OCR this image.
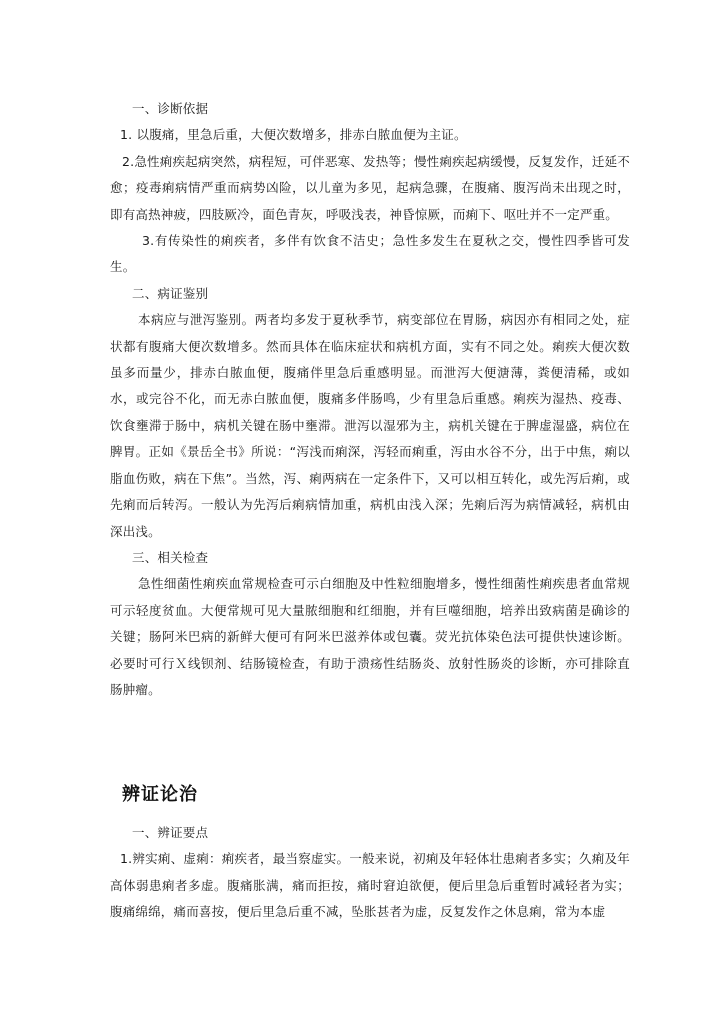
一、诊断依据

1. 以腹痛，里急后重，大便次数增多，排赤白脓血便为主证。

2.急性痢疾起病突然，病程短，可伴恶寒、发热等；慢性痢疾起病缓慢，反复发作，迁延不愈；疫毒痢病情严重而病势凶险，以儿童为多见，起病急骤，在腹痛、腹泻尚未出现之时，即有高热神疲，四肢厥冷，面色青灰，呼吸浅表，神昏惊厥，而痢下、呕吐并不一定严重。

3.有传染性的痢疾者，多伴有饮食不洁史；急性多发生在夏秋之交，慢性四季皆可发生。

二、病证鉴别

本病应与泄泻鉴别。两者均多发于夏秋季节，病变部位在胃肠，病因亦有相同之处，症状都有腹痛大便次数增多。然而具体在临床症状和病机方面，实有不同之处。痢疾大便次数虽多而量少，排赤白脓血便，腹痛伴里急后重感明显。而泄泻大便溏薄，粪便清稀，或如水，或完谷不化，而无赤白脓血便，腹痛多伴肠鸣，少有里急后重感。痢疾为湿热、疫毒、饮食壅滞于肠中，病机关键在肠中壅滞。泄泻以湿邪为主，病机关键在于脾虚湿盛，病位在脾胃。正如《景岳全书》所说：“泻浅而痢深，泻轻而痢重，泻由水谷不分，出于中焦，痢以脂血伤败，病在下焦”。当然，泻、痢两病在一定条件下，又可以相互转化，或先泻后痢，或先痢而后转泻。一般认为先泻后痢病情加重，病机由浅入深；先痢后泻为病情减轻，病机由深出浅。

三、相关检查

急性细菌性痢疾血常规检查可示白细胞及中性粒细胞增多，慢性细菌性痢疾患者血常规可示轻度贫血。大便常规可见大量脓细胞和红细胞，并有巨噬细胞，培养出致病菌是确诊的关键；肠阿米巴病的新鲜大便可有阿米巴滋养体或包囊。荧光抗体染色法可提供快速诊断。必要时可行Ｘ线钡剂、结肠镜检查，有助于溃疡性结肠炎、放射性肠炎的诊断，亦可排除直肠肿瘤。

辨证论治

一、辨证要点

1.辨实痢、虚痢：痢疾者，最当察虚实。一般来说，初痢及年轻体壮患痢者多实；久痢及年高体弱患痢者多虚。腹痛胀满，痛而拒按，痛时窘迫欲便，便后里急后重暂时减轻者为实；腹痛绵绵，痛而喜按，便后里急后重不减，坠胀甚者为虚，反复发作之休息痢，常为本虚
